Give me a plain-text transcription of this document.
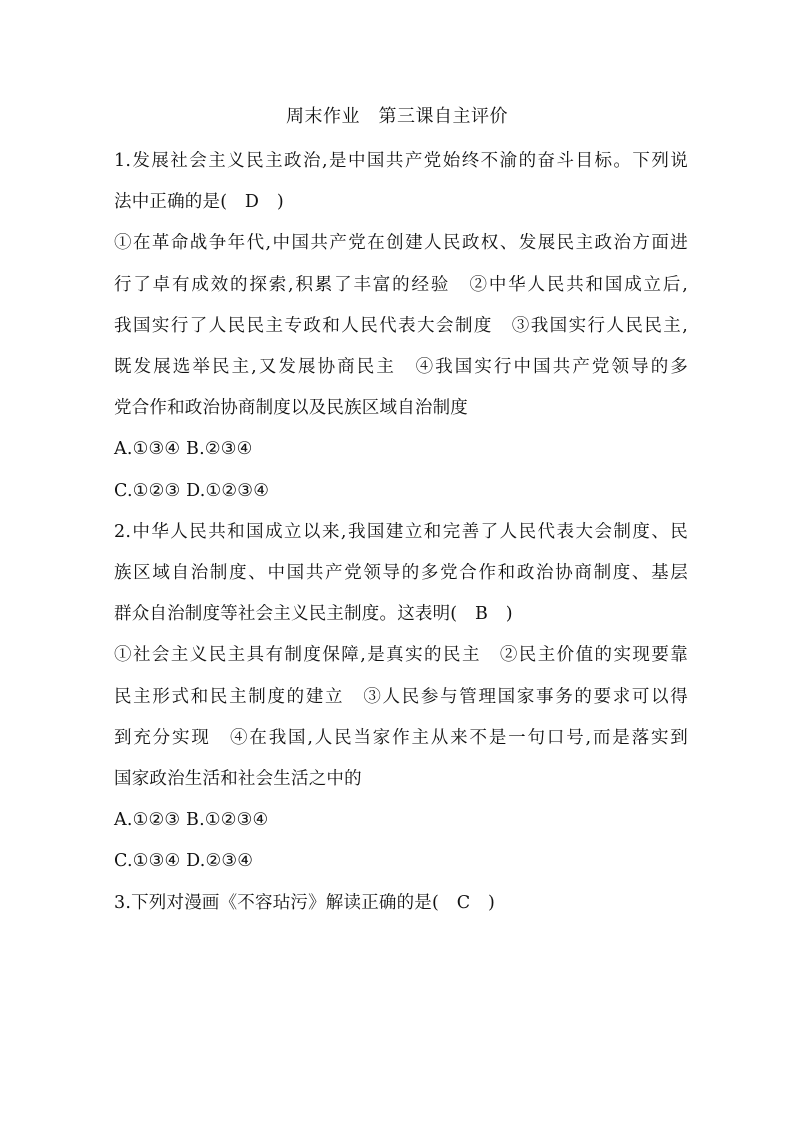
周末作业　第三课自主评价
1.发展社会主义民主政治,是中国共产党始终不渝的奋斗目标。下列说
法中正确的是(　D　)
①在革命战争年代,中国共产党在创建人民政权、发展民主政治方面进
行了卓有成效的探索,积累了丰富的经验　②中华人民共和国成立后,
我国实行了人民民主专政和人民代表大会制度　③我国实行人民民主,
既发展选举民主,又发展协商民主　④我国实行中国共产党领导的多
党合作和政治协商制度以及民族区域自治制度
A.①③④ B.②③④
C.①②③ D.①②③④
2.中华人民共和国成立以来,我国建立和完善了人民代表大会制度、民
族区域自治制度、中国共产党领导的多党合作和政治协商制度、基层
群众自治制度等社会主义民主制度。这表明(　B　)
①社会主义民主具有制度保障,是真实的民主　②民主价值的实现要靠
民主形式和民主制度的建立　③人民参与管理国家事务的要求可以得
到充分实现　④在我国,人民当家作主从来不是一句口号,而是落实到
国家政治生活和社会生活之中的
A.①②③ B.①②③④
C.①③④ D.②③④
3.下列对漫画《不容玷污》解读正确的是(　C　)
